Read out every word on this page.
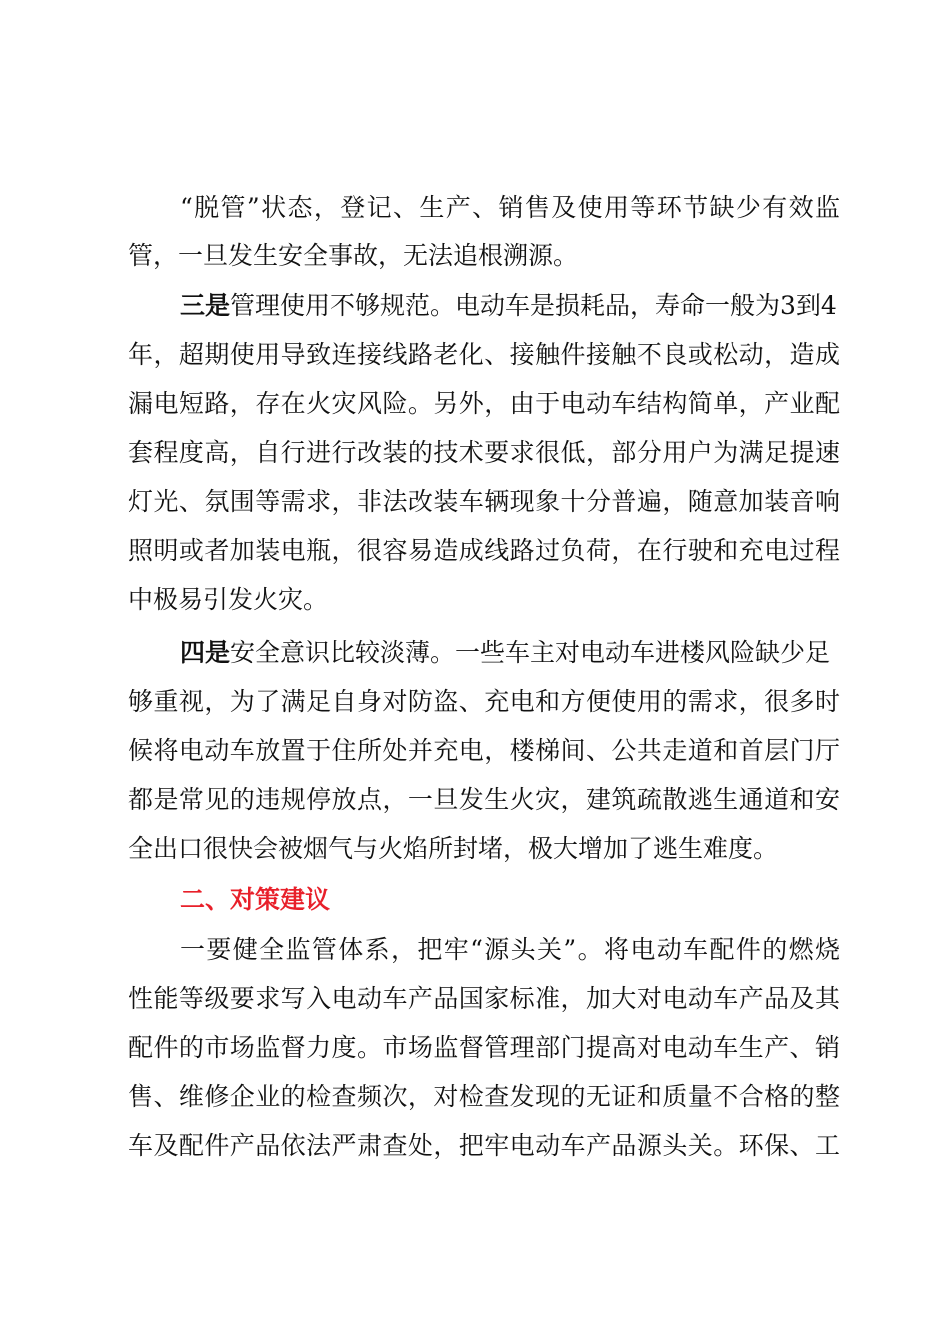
“脱管”状态，登记、生产、销售及使用等环节缺少有效监
管，一旦发生安全事故，无法追根溯源。
三是管理使用不够规范。电动车是损耗品，寿命一般为3到4
年，超期使用导致连接线路老化、接触件接触不良或松动，造成
漏电短路，存在火灾风险。另外，由于电动车结构简单，产业配
套程度高，自行进行改装的技术要求很低，部分用户为满足提速
灯光、氛围等需求，非法改装车辆现象十分普遍，随意加装音响
照明或者加装电瓶，很容易造成线路过负荷，在行驶和充电过程
中极易引发火灾。
四是安全意识比较淡薄。一些车主对电动车进楼风险缺少足
够重视，为了满足自身对防盗、充电和方便使用的需求，很多时
候将电动车放置于住所处并充电，楼梯间、公共走道和首层门厅
都是常见的违规停放点，一旦发生火灾，建筑疏散逃生通道和安
全出口很快会被烟气与火焰所封堵，极大增加了逃生难度。
二、对策建议
一要健全监管体系，把牢“源头关”。将电动车配件的燃烧
性能等级要求写入电动车产品国家标准，加大对电动车产品及其
配件的市场监督力度。市场监督管理部门提高对电动车生产、销
售、维修企业的检查频次，对检查发现的无证和质量不合格的整
车及配件产品依法严肃查处，把牢电动车产品源头关。环保、工
